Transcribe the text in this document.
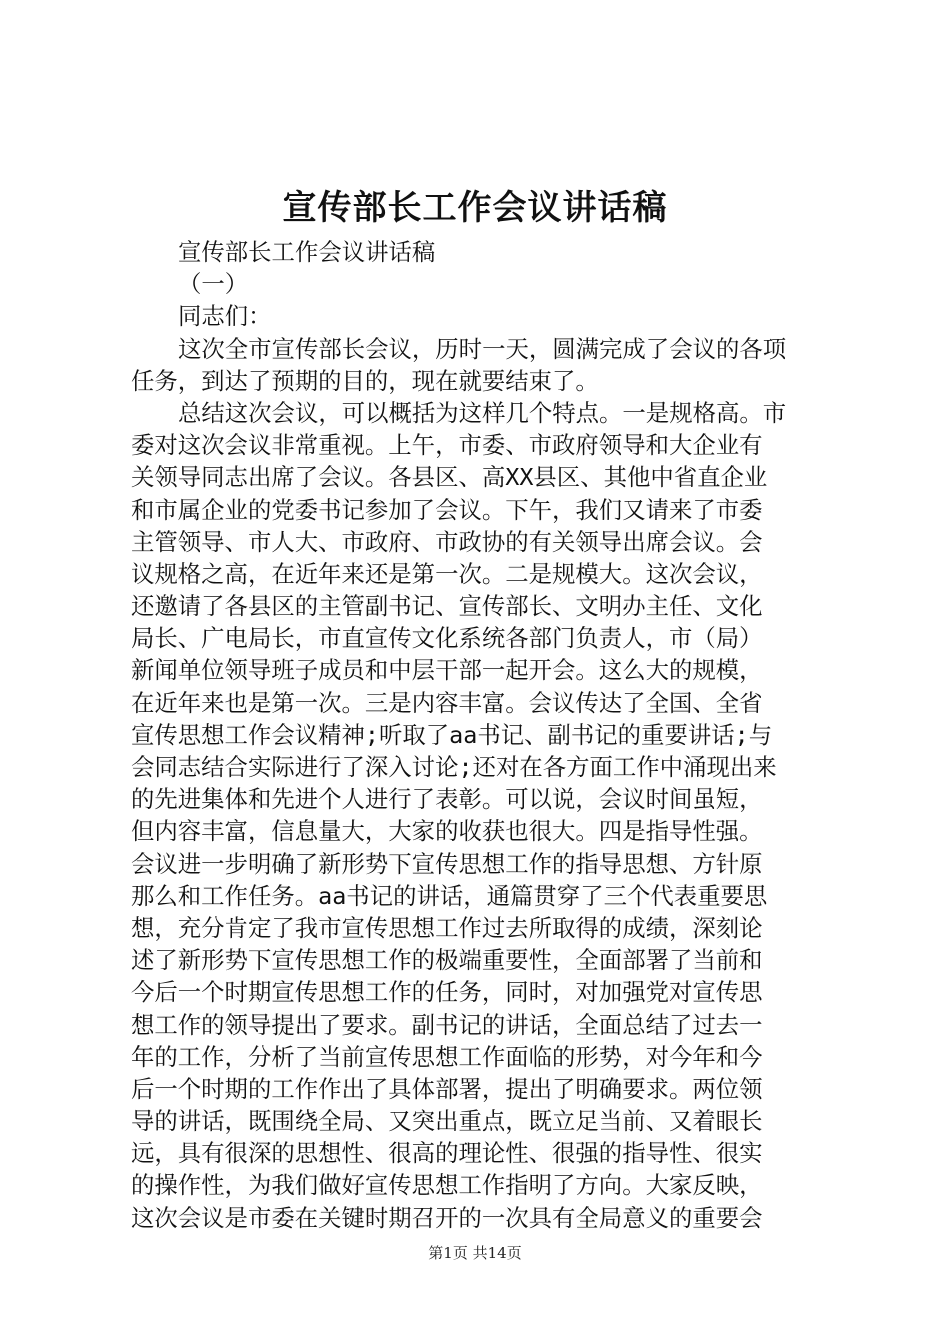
宣传部长工作会议讲话稿
宣传部长工作会议讲话稿
（一）
同志们：
这次全市宣传部长会议，历时一天，圆满完成了会议的各项
任务，到达了预期的目的，现在就要结束了。
总结这次会议，可以概括为这样几个特点。一是规格高。市
委对这次会议非常重视。上午，市委、市政府领导和大企业有
关领导同志出席了会议。各县区、高XX县区、其他中省直企业
和市属企业的党委书记参加了会议。下午，我们又请来了市委
主管领导、市人大、市政府、市政协的有关领导出席会议。会
议规格之高，在近年来还是第一次。二是规模大。这次会议，
还邀请了各县区的主管副书记、宣传部长、文明办主任、文化
局长、广电局长，市直宣传文化系统各部门负责人，市（局）
新闻单位领导班子成员和中层干部一起开会。这么大的规模，
在近年来也是第一次。三是内容丰富。会议传达了全国、全省
宣传思想工作会议精神;听取了aa书记、副书记的重要讲话;与
会同志结合实际进行了深入讨论;还对在各方面工作中涌现出来
的先进集体和先进个人进行了表彰。可以说，会议时间虽短，
但内容丰富，信息量大，大家的收获也很大。四是指导性强。
会议进一步明确了新形势下宣传思想工作的指导思想、方针原
那么和工作任务。aa书记的讲话，通篇贯穿了三个代表重要思
想，充分肯定了我市宣传思想工作过去所取得的成绩，深刻论
述了新形势下宣传思想工作的极端重要性，全面部署了当前和
今后一个时期宣传思想工作的任务，同时，对加强党对宣传思
想工作的领导提出了要求。副书记的讲话，全面总结了过去一
年的工作，分析了当前宣传思想工作面临的形势，对今年和今
后一个时期的工作作出了具体部署，提出了明确要求。两位领
导的讲话，既围绕全局、又突出重点，既立足当前、又着眼长
远，具有很深的思想性、很高的理论性、很强的指导性、很实
的操作性，为我们做好宣传思想工作指明了方向。大家反映，
这次会议是市委在关键时期召开的一次具有全局意义的重要会
第1页 共14页
